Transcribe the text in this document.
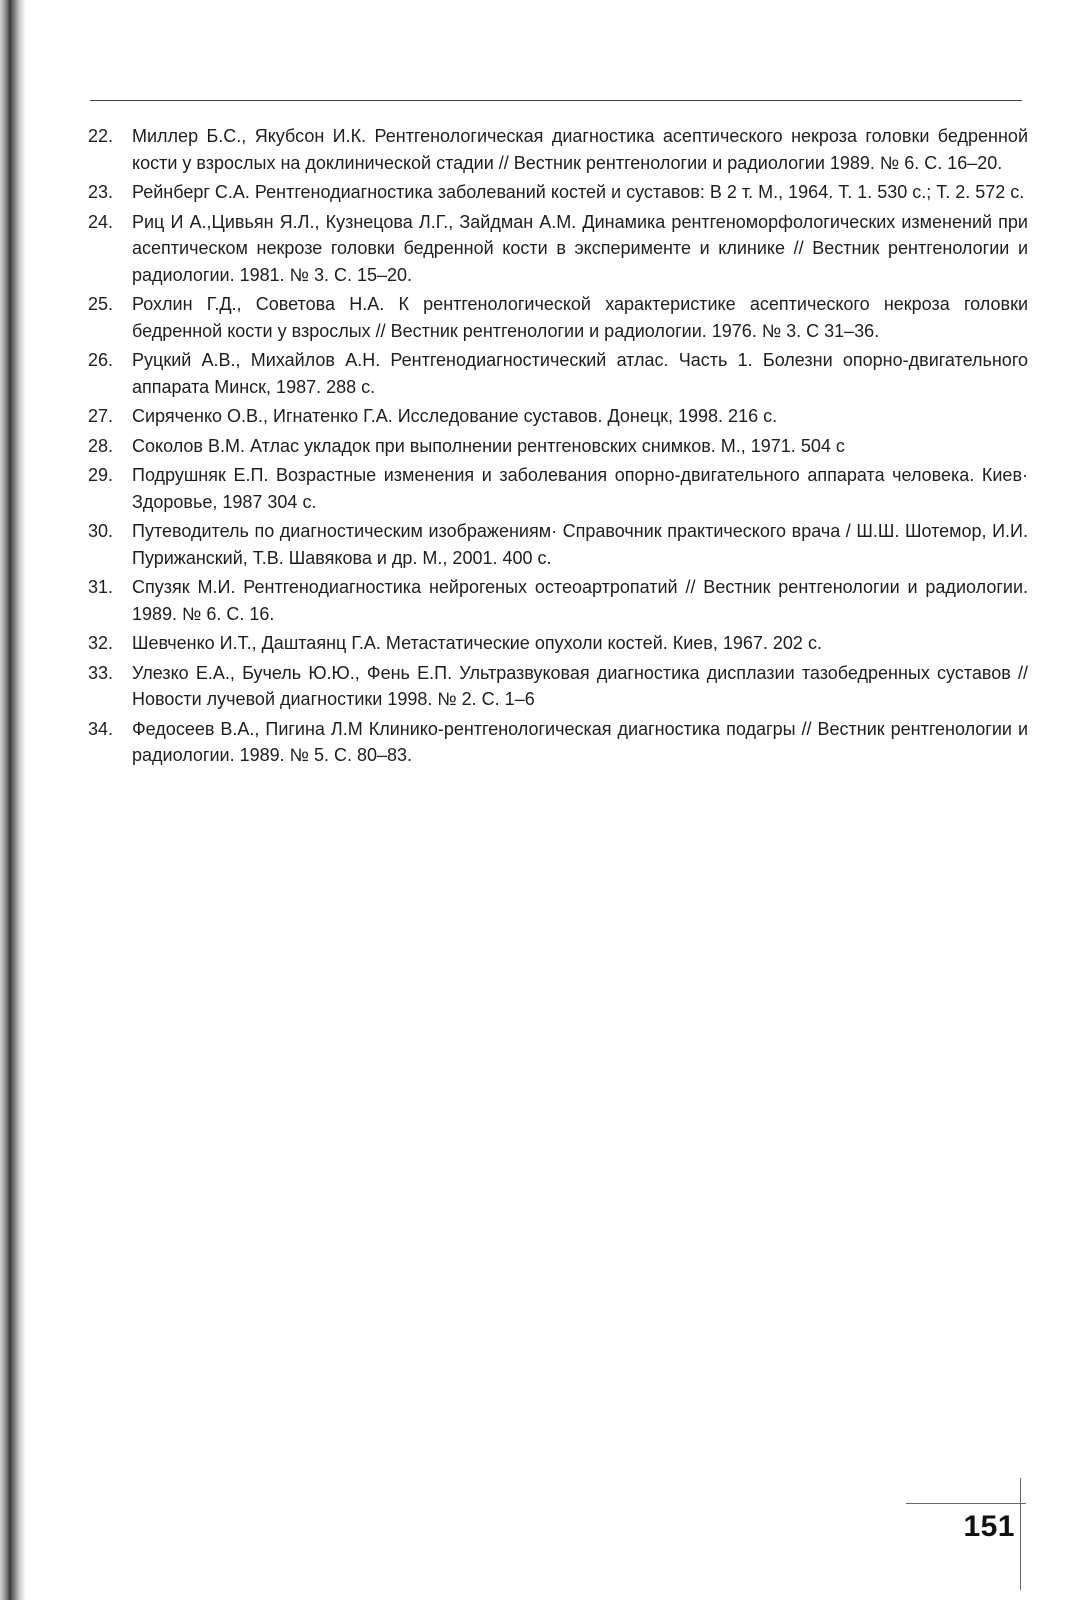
22.	Миллер Б.С., Якубсон И.К. Рентгенологическая диагностика асептического некроза головки бедренной кости у взрослых на доклинической стадии // Вестник рентгенологии и радиологии 1989. № 6. С. 16–20.
23.	Рейнберг С.А. Рентгенодиагностика заболеваний костей и суставов: В 2 т. М., 1964. Т. 1. 530 с.; Т. 2. 572 с.
24.	Риц И А.,Цивьян Я.Л., Кузнецова Л.Г., Зайдман А.М. Динамика рентгеноморфологических изменений при асептическом некрозе головки бедренной кости в эксперименте и клинике // Вестник рентгенологии и радиологии. 1981. № 3. С. 15–20.
25.	Рохлин Г.Д., Советова Н.А. К рентгенологической характеристике асептического некроза головки бедренной кости у взрослых // Вестник рентгенологии и радиологии. 1976. № 3. С 31–36.
26.	Руцкий А.В., Михайлов А.Н. Рентгенодиагностический атлас. Часть 1. Болезни опорно-двигательного аппарата Минск, 1987. 288 с.
27.	Сиряченко О.В., Игнатенко Г.А. Исследование суставов. Донецк, 1998. 216 с.
28.	Соколов В.М. Атлас укладок при выполнении рентгеновских снимков. М., 1971. 504 с
29.	Подрушняк Е.П. Возрастные изменения и заболевания опорно-двигательного аппарата человека. Киев· Здоровье, 1987 304 с.
30.	Путеводитель по диагностическим изображениям· Справочник практического врача / Ш.Ш. Шотемор, И.И. Пурижанский, Т.В. Шавякова и др. М., 2001. 400 с.
31.	Спузяк М.И. Рентгенодиагностика нейрогеных остеоартропатий // Вестник рентгенологии и радиологии. 1989. № 6. С. 16.
32.	Шевченко И.Т., Даштаянц Г.А. Метастатические опухоли костей. Киев, 1967. 202 с.
33.	Улезко Е.А., Бучель Ю.Ю., Фень Е.П. Ультразвуковая диагностика дисплазии тазобедренных суставов // Новости лучевой диагностики 1998. № 2. С. 1–6
34.	Федосеев В.А., Пигина Л.М Клинико-рентгенологическая диагностика подагры // Вестник рентгенологии и радиологии. 1989. № 5. С. 80–83.
151
